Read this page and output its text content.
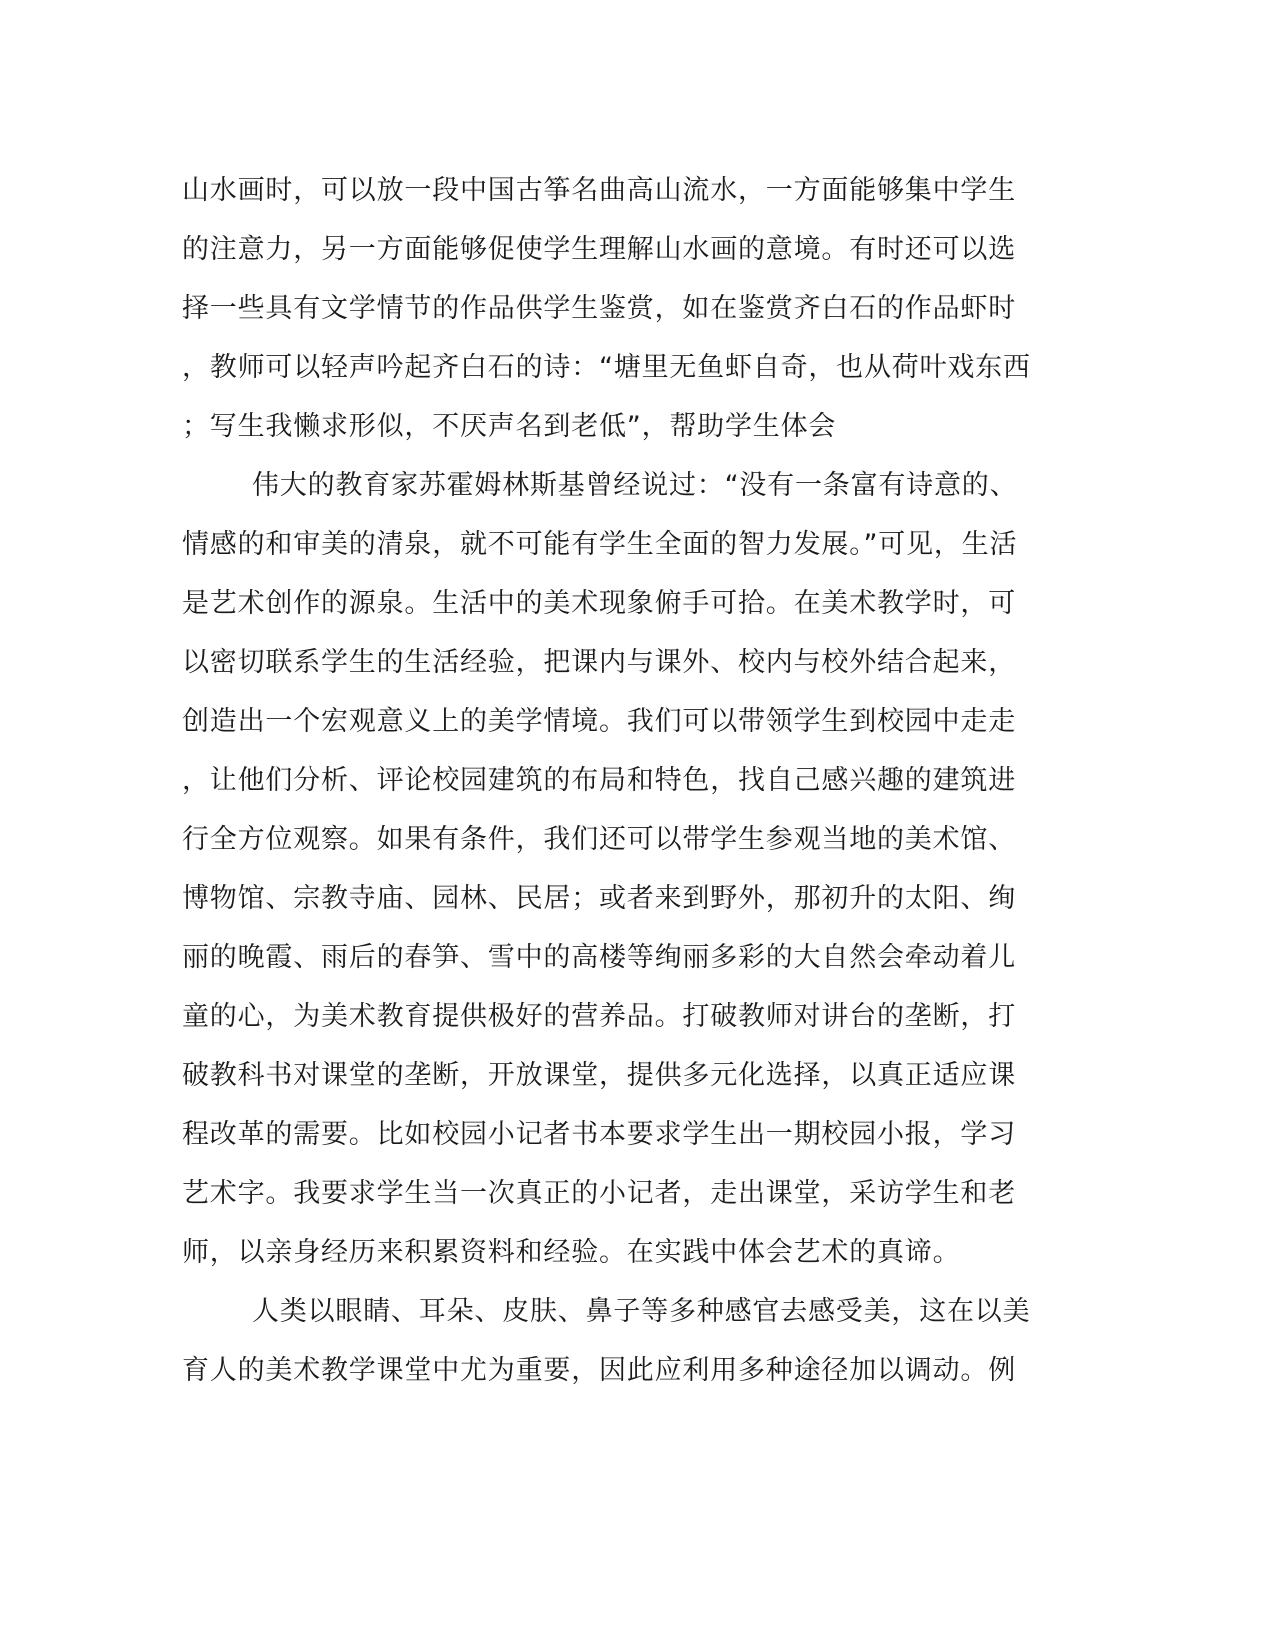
山水画时，可以放一段中国古筝名曲高山流水，一方面能够集中学生
的注意力，另一方面能够促使学生理解山水画的意境。有时还可以选
择一些具有文学情节的作品供学生鉴赏，如在鉴赏齐白石的作品虾时
，教师可以轻声吟起齐白石的诗：“塘里无鱼虾自奇，也从荷叶戏东西
；写生我懒求形似，不厌声名到老低”，帮助学生体会
伟大的教育家苏霍姆林斯基曾经说过：“没有一条富有诗意的、
情感的和审美的清泉，就不可能有学生全面的智力发展。”可见，生活
是艺术创作的源泉。生活中的美术现象俯手可拾。在美术教学时，可
以密切联系学生的生活经验，把课内与课外、校内与校外结合起来，
创造出一个宏观意义上的美学情境。我们可以带领学生到校园中走走
，让他们分析、评论校园建筑的布局和特色，找自己感兴趣的建筑进
行全方位观察。如果有条件，我们还可以带学生参观当地的美术馆、
博物馆、宗教寺庙、园林、民居；或者来到野外，那初升的太阳、绚
丽的晚霞、雨后的春笋、雪中的高楼等绚丽多彩的大自然会牵动着儿
童的心，为美术教育提供极好的营养品。打破教师对讲台的垄断，打
破教科书对课堂的垄断，开放课堂，提供多元化选择，以真正适应课
程改革的需要。比如校园小记者书本要求学生出一期校园小报，学习
艺术字。我要求学生当一次真正的小记者，走出课堂，采访学生和老
师，以亲身经历来积累资料和经验。在实践中体会艺术的真谛。
人类以眼睛、耳朵、皮肤、鼻子等多种感官去感受美，这在以美
育人的美术教学课堂中尤为重要，因此应利用多种途径加以调动。例
